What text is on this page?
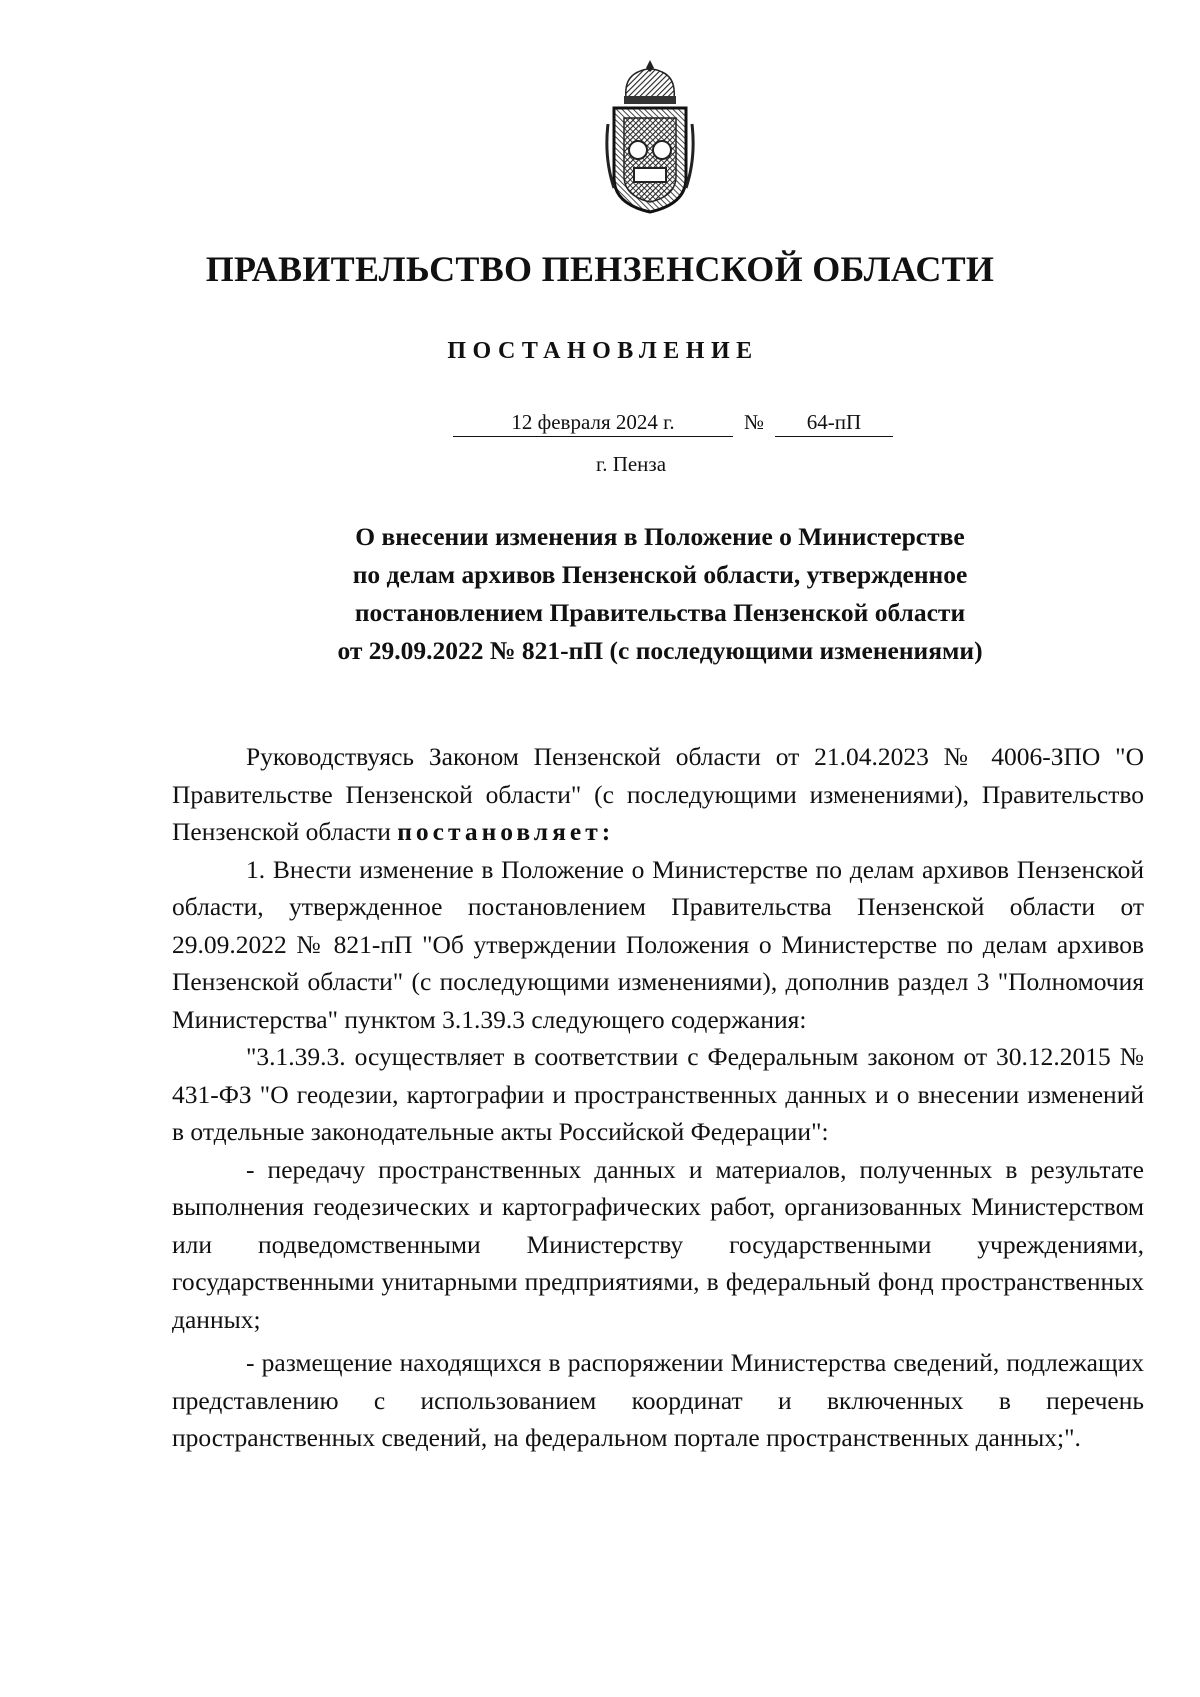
ПРАВИТЕЛЬСТВО ПЕНЗЕНСКОЙ ОБЛАСТИ
ПОСТАНОВЛЕНИЕ
12 февраля 2024 г.	№ 64-пП
г. Пенза
О внесении изменения в Положение о Министерстве
по делам архивов Пензенской области, утвержденное
постановлением Правительства Пензенской области
от 29.09.2022 № 821-пП (с последующими изменениями)

Руководствуясь Законом Пензенской области от 21.04.2023 № 4006-ЗПО "О Правительстве Пензенской области" (с последующими изменениями), Правительство Пензенской области постановляет:

1. Внести изменение в Положение о Министерстве по делам архивов Пензенской области, утвержденное постановлением Правительства Пензенской области от 29.09.2022 № 821-пП "Об утверждении Положения о Министерстве по делам архивов Пензенской области" (с последующими изменениями), дополнив раздел 3 "Полномочия Министерства" пунктом 3.1.39.3 следующего содержания:

"3.1.39.3. осуществляет в соответствии с Федеральным законом от 30.12.2015 № 431-ФЗ "О геодезии, картографии и пространственных данных и о внесении изменений в отдельные законодательные акты Российской Федерации":

- передачу пространственных данных и материалов, полученных в результате выполнения геодезических и картографических работ, организованных Министерством или подведомственными Министерству государственными учреждениями, государственными унитарными предприятиями, в федеральный фонд пространственных данных;

- размещение находящихся в распоряжении Министерства сведений, подлежащих представлению с использованием координат и включенных в перечень пространственных сведений, на федеральном портале пространственных данных;".
